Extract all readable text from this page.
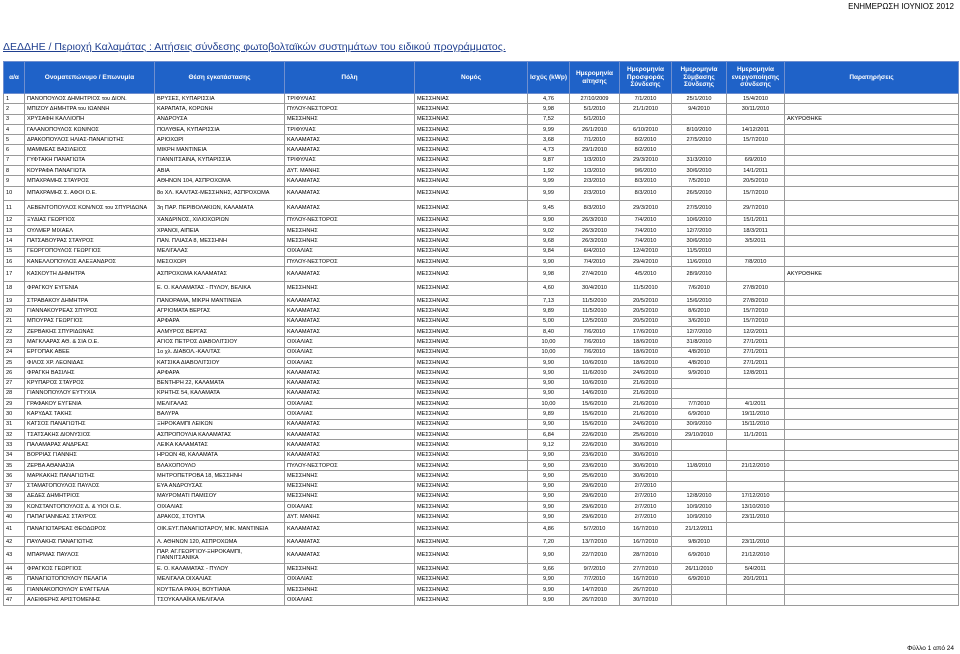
ΕΝΗΜΕΡΩΣΗ ΙΟΥΝΙΟΣ 2012
ΔΕΔΔΗΕ / Περιοχή Καλαμάτας : Αιτήσεις σύνδεσης φωτοβολταϊκών συστημάτων του ειδικού προγράμματος.
α/α	Ονοματεπώνυμο / Επωνυμία	Θέση εγκατάστασης	Πόλη	Νομός	Ισχύς (kWp)	Ημερομηνία αίτησης	Ημερομηνία Προσφοράς Σύνδεσης	Ημερομηνία Σύμβασης Σύνδεσης	Ημερομηνία ενεργοποίησης σύνδεσης	Παρατηρήσεις
1	ΠΑΝΟΠΟΥΛΟΣ ΔΗΜΗΤΡΙΟΣ του ΔΙΟΝ.	ΒΡΥΣΕΣ, ΚΥΠΑΡΙΣΣΙΑ	ΤΡΙΦΥΛΙΑΣ	ΜΕΣΣΗΝΙΑΣ	4,76	27/10/2009	7/1/2010	25/1/2010	15/4/2010	
2	ΜΠΙΖΟΥ ΔΗΜΗΤΡΑ του ΙΩΑΝΝΗ	ΚΑΡΑΠΑΤΑ, ΚΟΡΩΝΗ	ΠΥΛΟΥ-ΝΕΣΤΟΡΟΣ	ΜΕΣΣΗΝΙΑΣ	9,98	5/1/2010	21/1/2010	9/4/2010	30/11/2010	
3	ΧΡΥΣΑΦΗ ΚΑΛΛΙΟΠΗ	ΑΝΔΡΟΥΣΑ	ΜΕΣΣΗΝΗΣ	ΜΕΣΣΗΝΙΑΣ	7,52	5/1/2010				ΑΚΥΡΩΘΗΚΕ
4	ΓΑΛΑΝΟΠΟΥΛΟΣ ΚΩΝ/ΝΟΣ	ΠΟΛΥΘΕΑ, ΚΥΠΑΡΙΣΣΙΑ	ΤΡΙΦΥΛΙΑΣ	ΜΕΣΣΗΝΙΑΣ	9,99	26/1/2010	6/10/2010	8/10/2010	14/12/2011	
5	ΔΡΑΚΟΠΟΥΛΟΣ ΗΛΙΑΣ-ΠΑΝΑΓΙΩΤΗΣ	ΑΡΙΟΧΩΡΙ	ΚΑΛΑΜΑΤΑΣ	ΜΕΣΣΗΝΙΑΣ	3,68	7/1/2010	8/2/2010	27/5/2010	15/7/2010	
6	ΜΑΜΜΕΑΣ ΒΑΣΙΛΕΙΟΣ	ΜΙΚΡΗ ΜΑΝΤΙΝΕΙΑ	ΚΑΛΑΜΑΤΑΣ	ΜΕΣΣΗΝΙΑΣ	4,73	29/1/2010	8/2/2010			
7	ΓΥΦΤΑΚΗ ΠΑΝΑΓΙΩΤΑ	ΓΙΑΝΝΙΤΣΑΙΝΑ, ΚΥΠΑΡΙΣΣΙΑ	ΤΡΙΦΥΛΙΑΣ	ΜΕΣΣΗΝΙΑΣ	9,87	1/3/2010	29/3/2010	31/3/2010	6/9/2010	
8	ΚΟΥΡΑΦΑ ΠΑΝΑΓΙΩΤΑ	ΑΒΙΑ	ΔΥΤ. ΜΑΝΗΣ	ΜΕΣΣΗΝΙΑΣ	1,92	1/3/2010	9/6/2010	30/6/2010	14/1/2011	
9	ΜΠΑΧΡΑΜΗΣ ΣΤΑΥΡΟΣ	ΑΘΗΝΩΝ 104, ΑΣΠΡΟΧΩΜΑ	ΚΑΛΑΜΑΤΑΣ	ΜΕΣΣΗΝΙΑΣ	9,99	2/3/2010	8/3/2010	7/5/2010	20/5/2010	
10	ΜΠΑΧΡΑΜΗΣ Σ. ΑΦΟΙ Ο.Ε.	8ο ΧΛ. ΚΑΛ/ΤΑΣ-ΜΕΣΣΗΝΗΣ, ΑΣΠΡΟΧΩΜΑ	ΚΑΛΑΜΑΤΑΣ	ΜΕΣΣΗΝΙΑΣ	9,99	2/3/2010	8/3/2010	26/5/2010	15/7/2010	
11	ΛΕΒΕΝΤΟΠΟΥΛΟΣ ΚΩΝ/ΝΟΣ του ΣΠΥΡΙΔΩΝΑ	3η ΠΑΡ. ΠΕΡΙΒΟΛΑΚΙΩΝ, ΚΑΛΑΜΑΤΑ	ΚΑΛΑΜΑΤΑΣ	ΜΕΣΣΗΝΙΑΣ	9,45	8/3/2010	29/3/2010	27/5/2010	29/7/2010	
12	ΞΥΔΙΑΣ ΓΕΩΡΓΙΟΣ	ΧΑΝΔΡΙΝΟΣ, ΧΙΛΙΟΧΩΡΙΩΝ	ΠΥΛΟΥ-ΝΕΣΤΟΡΟΣ	ΜΕΣΣΗΝΙΑΣ	9,90	26/3/2010	7/4/2010	10/6/2010	15/1/2011	
13	ΟΥΛΜΕΡ ΜΙΧΑΕΛ	ΧΡΑΝΟΙ, ΑΙΠΕΙΑ	ΜΕΣΣΗΝΗΣ	ΜΕΣΣΗΝΙΑΣ	9,02	26/3/2010	7/4/2010	12/7/2010	18/3/2011	
14	ΠΑΤΣΑΒΟΥΡΑΣ ΣΤΑΥΡΟΣ	ΠΑΝ. ΠΛΙΑΣΑ 8, ΜΕΣΣΗΝΗ	ΜΕΣΣΗΝΗΣ	ΜΕΣΣΗΝΙΑΣ	9,68	26/3/2010	7/4/2010	30/6/2010	3/5/2011	
15	ΓΕΩΡΓΟΠΟΥΛΟΣ ΓΕΩΡΓΙΟΣ	ΜΕΛΙΓΑΛΑΣ	ΟΙΧΑΛΙΑΣ	ΜΕΣΣΗΝΙΑΣ	9,84	6/4/2010	12/4/2010	11/5/2010		
16	ΚΑΝΕΛΛΟΠΟΥΛΟΣ ΑΛΕΞΑΝΔΡΟΣ	ΜΕΣΟΧΩΡΙ	ΠΥΛΟΥ-ΝΕΣΤΟΡΟΣ	ΜΕΣΣΗΝΙΑΣ	9,90	7/4/2010	29/4/2010	11/6/2010	7/8/2010	
17	ΚΑΣΚΟΥΤΗ ΔΗΜΗΤΡΑ	ΑΣΠΡΟΧΩΜΑ ΚΑΛΑΜΑΤΑΣ	ΚΑΛΑΜΑΤΑΣ	ΜΕΣΣΗΝΙΑΣ	9,98	27/4/2010	4/5/2010	28/9/2010		ΑΚΥΡΩΘΗΚΕ
18	ΦΡΑΓΚΟΥ ΕΥΓΕΝΙΑ	Ε. Ο. ΚΑΛΑΜΑΤΑΣ - ΠΥΛΟΥ, ΒΕΛΙΚΑ	ΜΕΣΣΗΝΗΣ	ΜΕΣΣΗΝΙΑΣ	4,60	30/4/2010	11/5/2010	7/6/2010	27/8/2010	
19	ΣΤΡΑΒΑΚΟΥ ΔΗΜΗΤΡΑ	ΠΑΝΟΡΑΜΑ, ΜΙΚΡΗ ΜΑΝΤΙΝΕΙΑ	ΚΑΛΑΜΑΤΑΣ	ΜΕΣΣΗΝΙΑΣ	7,13	11/5/2010	20/5/2010	15/6/2010	27/8/2010	
20	ΓΙΑΝΝΑΚΟΥΡΕΑΣ ΣΠΥΡΟΣ	ΑΓΡΙΟΜΑΤΑ ΒΕΡΓΑΣ	ΚΑΛΑΜΑΤΑΣ	ΜΕΣΣΗΝΙΑΣ	9,89	11/5/2010	20/5/2010	8/6/2010	15/7/2010	
21	ΜΠΟΥΡΑΣ ΓΕΩΡΓΙΟΣ	ΑΡΦΑΡΑ	ΚΑΛΑΜΑΤΑΣ	ΜΕΣΣΗΝΙΑΣ	5,00	12/5/2010	20/5/2010	3/6/2010	15/7/2010	
22	ΖΕΡΒΑΚΗΣ ΣΠΥΡΙΔΩΝΑΣ	ΑΛΜΥΡΟΣ ΒΕΡΓΑΣ	ΚΑΛΑΜΑΤΑΣ	ΜΕΣΣΗΝΙΑΣ	8,40	7/6/2010	17/6/2010	12/7/2010	12/2/2011	
23	ΜΑΓΚΛΑΡΑΣ ΑΘ. & ΣΙΑ Ο.Ε.	ΑΓΙΟΣ ΠΕΤΡΟΣ ΔΙΑΒΟΛΙΤΣΙΟΥ	ΟΙΧΑΛΙΑΣ	ΜΕΣΣΗΝΙΑΣ	10,00	7/6/2010	18/6/2010	31/8/2010	27/1/2011	
24	ΕΡΓΟΠΑΚ ΑΒΕΕ	1ο χλ. ΔΙΑΒΟΛ.-ΚΑΛ/ΤΑΣ	ΟΙΧΑΛΙΑΣ	ΜΕΣΣΗΝΙΑΣ	10,00	7/6/2010	18/6/2010	4/8/2010	27/1/2011	
25	ΦΙΛΟΣ ΧΡ. ΛΕΩΝΙΔΑΣ	ΚΑΤΣΙΚΑ ΔΙΑΒΟΛΙΤΣΙΟΥ	ΟΙΧΑΛΙΑΣ	ΜΕΣΣΗΝΙΑΣ	9,90	10/6/2010	18/6/2010	4/8/2010	27/1/2011	
26	ΦΡΑΓΚΗ ΒΑΣΙΛΗΣ	ΑΡΦΑΡΑ	ΚΑΛΑΜΑΤΑΣ	ΜΕΣΣΗΝΙΑΣ	9,90	11/6/2010	24/6/2010	9/9/2010	12/8/2011	
27	ΚΡΥΠΑΡΟΣ ΣΤΑΥΡΟΣ	ΒΕΝΤΗΡΗ 22, ΚΑΛΑΜΑΤΑ	ΚΑΛΑΜΑΤΑΣ	ΜΕΣΣΗΝΙΑΣ	9,90	10/6/2010	21/6/2010			
28	ΓΙΑΝΝΟΠΟΥΛΟΥ ΕΥΤΥΧΙΑ	ΚΡΗΤΗΣ 54, ΚΑΛΑΜΑΤΑ	ΚΑΛΑΜΑΤΑΣ	ΜΕΣΣΗΝΙΑΣ	9,90	14/6/2010	21/6/2010			
29	ΓΡΑΦΑΚΟΥ ΕΥΓΕΝΙΑ	ΜΕΛΙΓΑΛΑΣ	ΟΙΧΑΛΙΑΣ	ΜΕΣΣΗΝΙΑΣ	10,00	15/6/2010	21/6/2010	7/7/2010	4/1/2011	
30	ΚΑΡΥΔΑΣ ΤΑΚΗΣ	ΒΑΛΥΡΑ	ΟΙΧΑΛΙΑΣ	ΜΕΣΣΗΝΙΑΣ	9,89	15/6/2010	21/6/2010	6/9/2010	19/11/2010	
31	ΚΑΤΣΟΣ ΠΑΝΑΓΙΩΤΗΣ	ΞΗΡΟΚΑΜΠΙ ΛΕΙΚΩΝ	ΚΑΛΑΜΑΤΑΣ	ΜΕΣΣΗΝΙΑΣ	9,90	15/6/2010	24/6/2010	30/9/2010	15/11/2010	
32	ΤΣΑΤΣΑΚΗΣ ΔΙΟΝΥΣΙΟΣ	ΑΣΠΡΟΠΟΥΛΙΑ ΚΑΛΑΜΑΤΑΣ	ΚΑΛΑΜΑΤΑΣ	ΜΕΣΣΗΝΙΑΣ	6,84	22/6/2010	25/6/2010	29/10/2010	11/1/2011	
33	ΠΑΛΑΜΑΡΑΣ ΑΝΔΡΕΑΣ	ΛΕΙΚΑ ΚΑΛΑΜΑΤΑΣ	ΚΑΛΑΜΑΤΑΣ	ΜΕΣΣΗΝΙΑΣ	9,12	22/6/2010	30/6/2010			
34	ΒΟΡΡΙΑΣ ΓΙΑΝΝΗΣ	ΗΡΩΩΝ 48, ΚΑΛΑΜΑΤΑ	ΚΑΛΑΜΑΤΑΣ	ΜΕΣΣΗΝΙΑΣ	9,90	23/6/2010	30/6/2010			
35	ΖΕΡΒΑ ΑΘΑΝΑΣΙΑ	ΒΛΑΧΟΠΟΥΛΟ	ΠΥΛΟΥ-ΝΕΣΤΟΡΟΣ	ΜΕΣΣΗΝΙΑΣ	9,90	23/6/2010	30/6/2010	11/8/2010	21/12/2010	
36	ΜΑΡΚΑΚΗΣ ΠΑΝΑΓΙΩΤΗΣ	ΜΗΤΡΟΠΕΤΡΟΒΑ 18, ΜΕΣΣΗΝΗ	ΜΕΣΣΗΝΗΣ	ΜΕΣΣΗΝΙΑΣ	9,90	25/6/2010	30/6/2010			
37	ΣΤΑΜΑΤΟΠΟΥΛΟΣ ΠΑΥΛΟΣ	ΕΥΑ ΑΝΔΡΟΥΣΑΣ	ΜΕΣΣΗΝΗΣ	ΜΕΣΣΗΝΙΑΣ	9,90	29/6/2010	2/7/2010			
38	ΔΕΔΕΣ ΔΗΜΗΤΡΙΟΣ	ΜΑΥΡΟΜΑΤΙ ΠΑΜΙΣΟΥ	ΜΕΣΣΗΝΗΣ	ΜΕΣΣΗΝΙΑΣ	9,90	29/6/2010	2/7/2010	12/8/2010	17/12/2010	
39	ΚΩΝΣΤΑΝΤΟΠΟΥΛΟΣ Δ. & ΥΙΟΙ Ο.Ε.	ΟΙΧΑΛΙΑΣ	ΟΙΧΑΛΙΑΣ	ΜΕΣΣΗΝΙΑΣ	9,90	29/6/2010	2/7/2010	10/9/2010	13/10/2010	
40	ΠΑΠΑΓΙΑΝΝΕΑΣ ΣΤΑΥΡΟΣ	ΔΡΑΚΟΣ, ΣΤΟΥΠΑ	ΔΥΤ. ΜΑΝΗΣ	ΜΕΣΣΗΝΙΑΣ	9,90	29/6/2010	2/7/2010	10/9/2010	23/11/2010	
41	ΠΑΝΑΓΙΩΤΑΡΕΑΣ ΘΕΟΔΩΡΟΣ	ΟΙΚ.ΕΥΓ.ΠΑΝΑΓΙΩΤΑΡΟΥ, ΜΙΚ. ΜΑΝΤΙΝΕΙΑ	ΚΑΛΑΜΑΤΑΣ	ΜΕΣΣΗΝΙΑΣ	4,86	5/7/2010	16/7/2010	21/12/2011		
42	ΠΑΥΛΑΚΗΣ ΠΑΝΑΓΙΩΤΗΣ	Λ. ΑΘΗΝΩΝ 120, ΑΣΠΡΟΧΩΜΑ	ΚΑΛΑΜΑΤΑΣ	ΜΕΣΣΗΝΙΑΣ	7,20	13/7/2010	16/7/2010	9/8/2010	23/11/2010	
43	ΜΠΑΡΜΑΣ ΠΑΥΛΟΣ	ΠΑΡ. ΑΓ.ΓΕΩΡΓΙΟΥ-ΞΗΡΟΚΑΜΠΙ, ΓΙΑΝΝΙΤΣΑΝΙΚΑ	ΚΑΛΑΜΑΤΑΣ	ΜΕΣΣΗΝΙΑΣ	9,90	22/7/2010	28/7/2010	6/9/2010	21/12/2010	
44	ΦΡΑΓΚΟΣ ΓΕΩΡΓΙΟΣ	Ε. Ο. ΚΑΛΑΜΑΤΑΣ - ΠΥΛΟΥ	ΜΕΣΣΗΝΗΣ	ΜΕΣΣΗΝΙΑΣ	9,66	9/7/2010	27/7/2010	26/11/2010	5/4/2011	
45	ΠΑΝΑΓΙΩΤΟΠΟΥΛΟΥ ΠΕΛΑΓΙΑ	ΜΕΛΙΓΑΛΑ ΟΙΧΑΛΙΑΣ	ΟΙΧΑΛΙΑΣ	ΜΕΣΣΗΝΙΑΣ	9,90	7/7/2010	16/7/2010	6/9/2010	20/1/2011	
46	ΓΙΑΝΝΑΚΟΠΟΥΛΟΥ ΕΥΑΓΓΕΛΙΑ	ΚΟΥΤΕΛΑ ΡΑΧΗ, ΒΟΥΤΙΑΝΑ	ΜΕΣΣΗΝΗΣ	ΜΕΣΣΗΝΙΑΣ	9,90	14/7/2010	26/7/2010			
47	ΑΛΕΙΦΕΡΗΣ ΑΡΙΣΤΟΜΕΝΗΣ	ΤΣΟΥΚΑΛΑΪΚΑ ΜΕΛΙΓΑΛΑ	ΟΙΧΑΛΙΑΣ	ΜΕΣΣΗΝΙΑΣ	9,90	26/7/2010	30/7/2010			
Φύλλο 1 από 24
